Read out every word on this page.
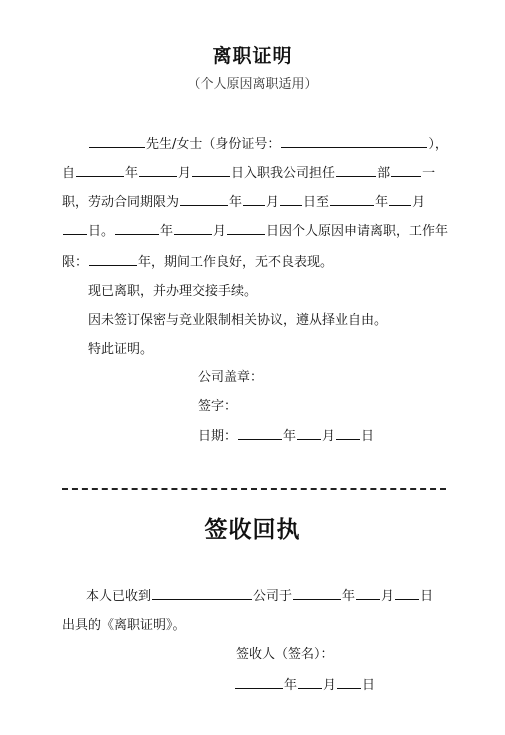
离职证明
（个人原因离职适用）
先生/女士（身份证号：	），
自	年	月	日入职我公司担任	部 一
职，劳动合同期限为	年 月 日至	年 月
日。	年	月	日因个人原因申请离职，工作年
限：	年，期间工作良好，无不良表现。
现已离职，并办理交接手续。
因未签订保密与竞业限制相关协议，遵从择业自由。
特此证明。
公司盖章：
签字：
日期：	年 月 日
签收回执
本人已收到	公司于	年 月 日
出具的《离职证明》。
签收人（签名）：
年 月 日
